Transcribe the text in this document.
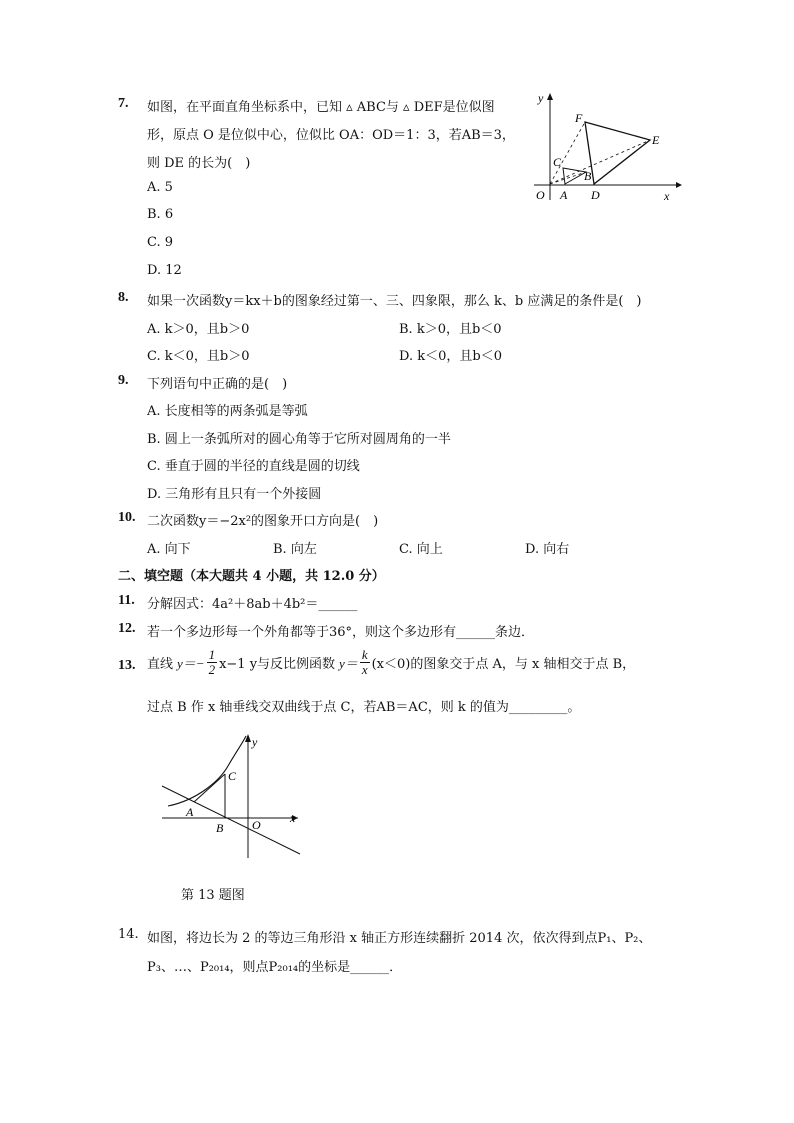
7. 如图，在平面直角坐标系中，已知 ▵ ABC与 ▵ DEF是位似图
形，原点 O 是位似中心，位似比 OA：OD＝1：3，若AB＝3，
则 DE 的长为(　)
A. 5
B. 6
C. 9
D. 12
y
x
O A
B
C
D
E
F
8. 如果一次函数y＝kx＋b的图象经过第一、三、四象限，那么 k、b 应满足的条件是(　)
A. k＞0，且b＞0	B. k＞0，且b＜0
C. k＜0，且b＞0	D. k＜0，且b＜0
9. 下列语句中正确的是(　)
A. 长度相等的两条弧是等弧
B. 圆上一条弧所对的圆心角等于它所对圆周角的一半
C. 垂直于圆的半径的直线是圆的切线
D. 三角形有且只有一个外接圆
10. 二次函数y＝−2x²的图象开口方向是(　)
A. 向下	B. 向左	C. 向上	D. 向右
二、填空题（本大题共 4 小题，共 12.0 分）
11. 分解因式：4a²＋8ab＋4b²＝______
12. 若一个多边形每一个外角都等于36°，则这个多边形有______条边．
13. 直线 $y=- \frac{1}{2} x-1$ y与反比例函数 $y= \frac{k}{x} (x<0)$的图象交于点 A，与 x 轴相交于点 B，
过点 B 作 x 轴垂线交双曲线于点 C，若AB＝AC，则 k 的值为_________。
y
x
O
A
B
C
第 13 题图
14. 如图，将边长为 2 的等边三角形沿 x 轴正方形连续翻折 2014 次，依次得到点P₁、P₂、
P₃、…、P₂₀₁₄，则点P₂₀₁₄的坐标是______．
